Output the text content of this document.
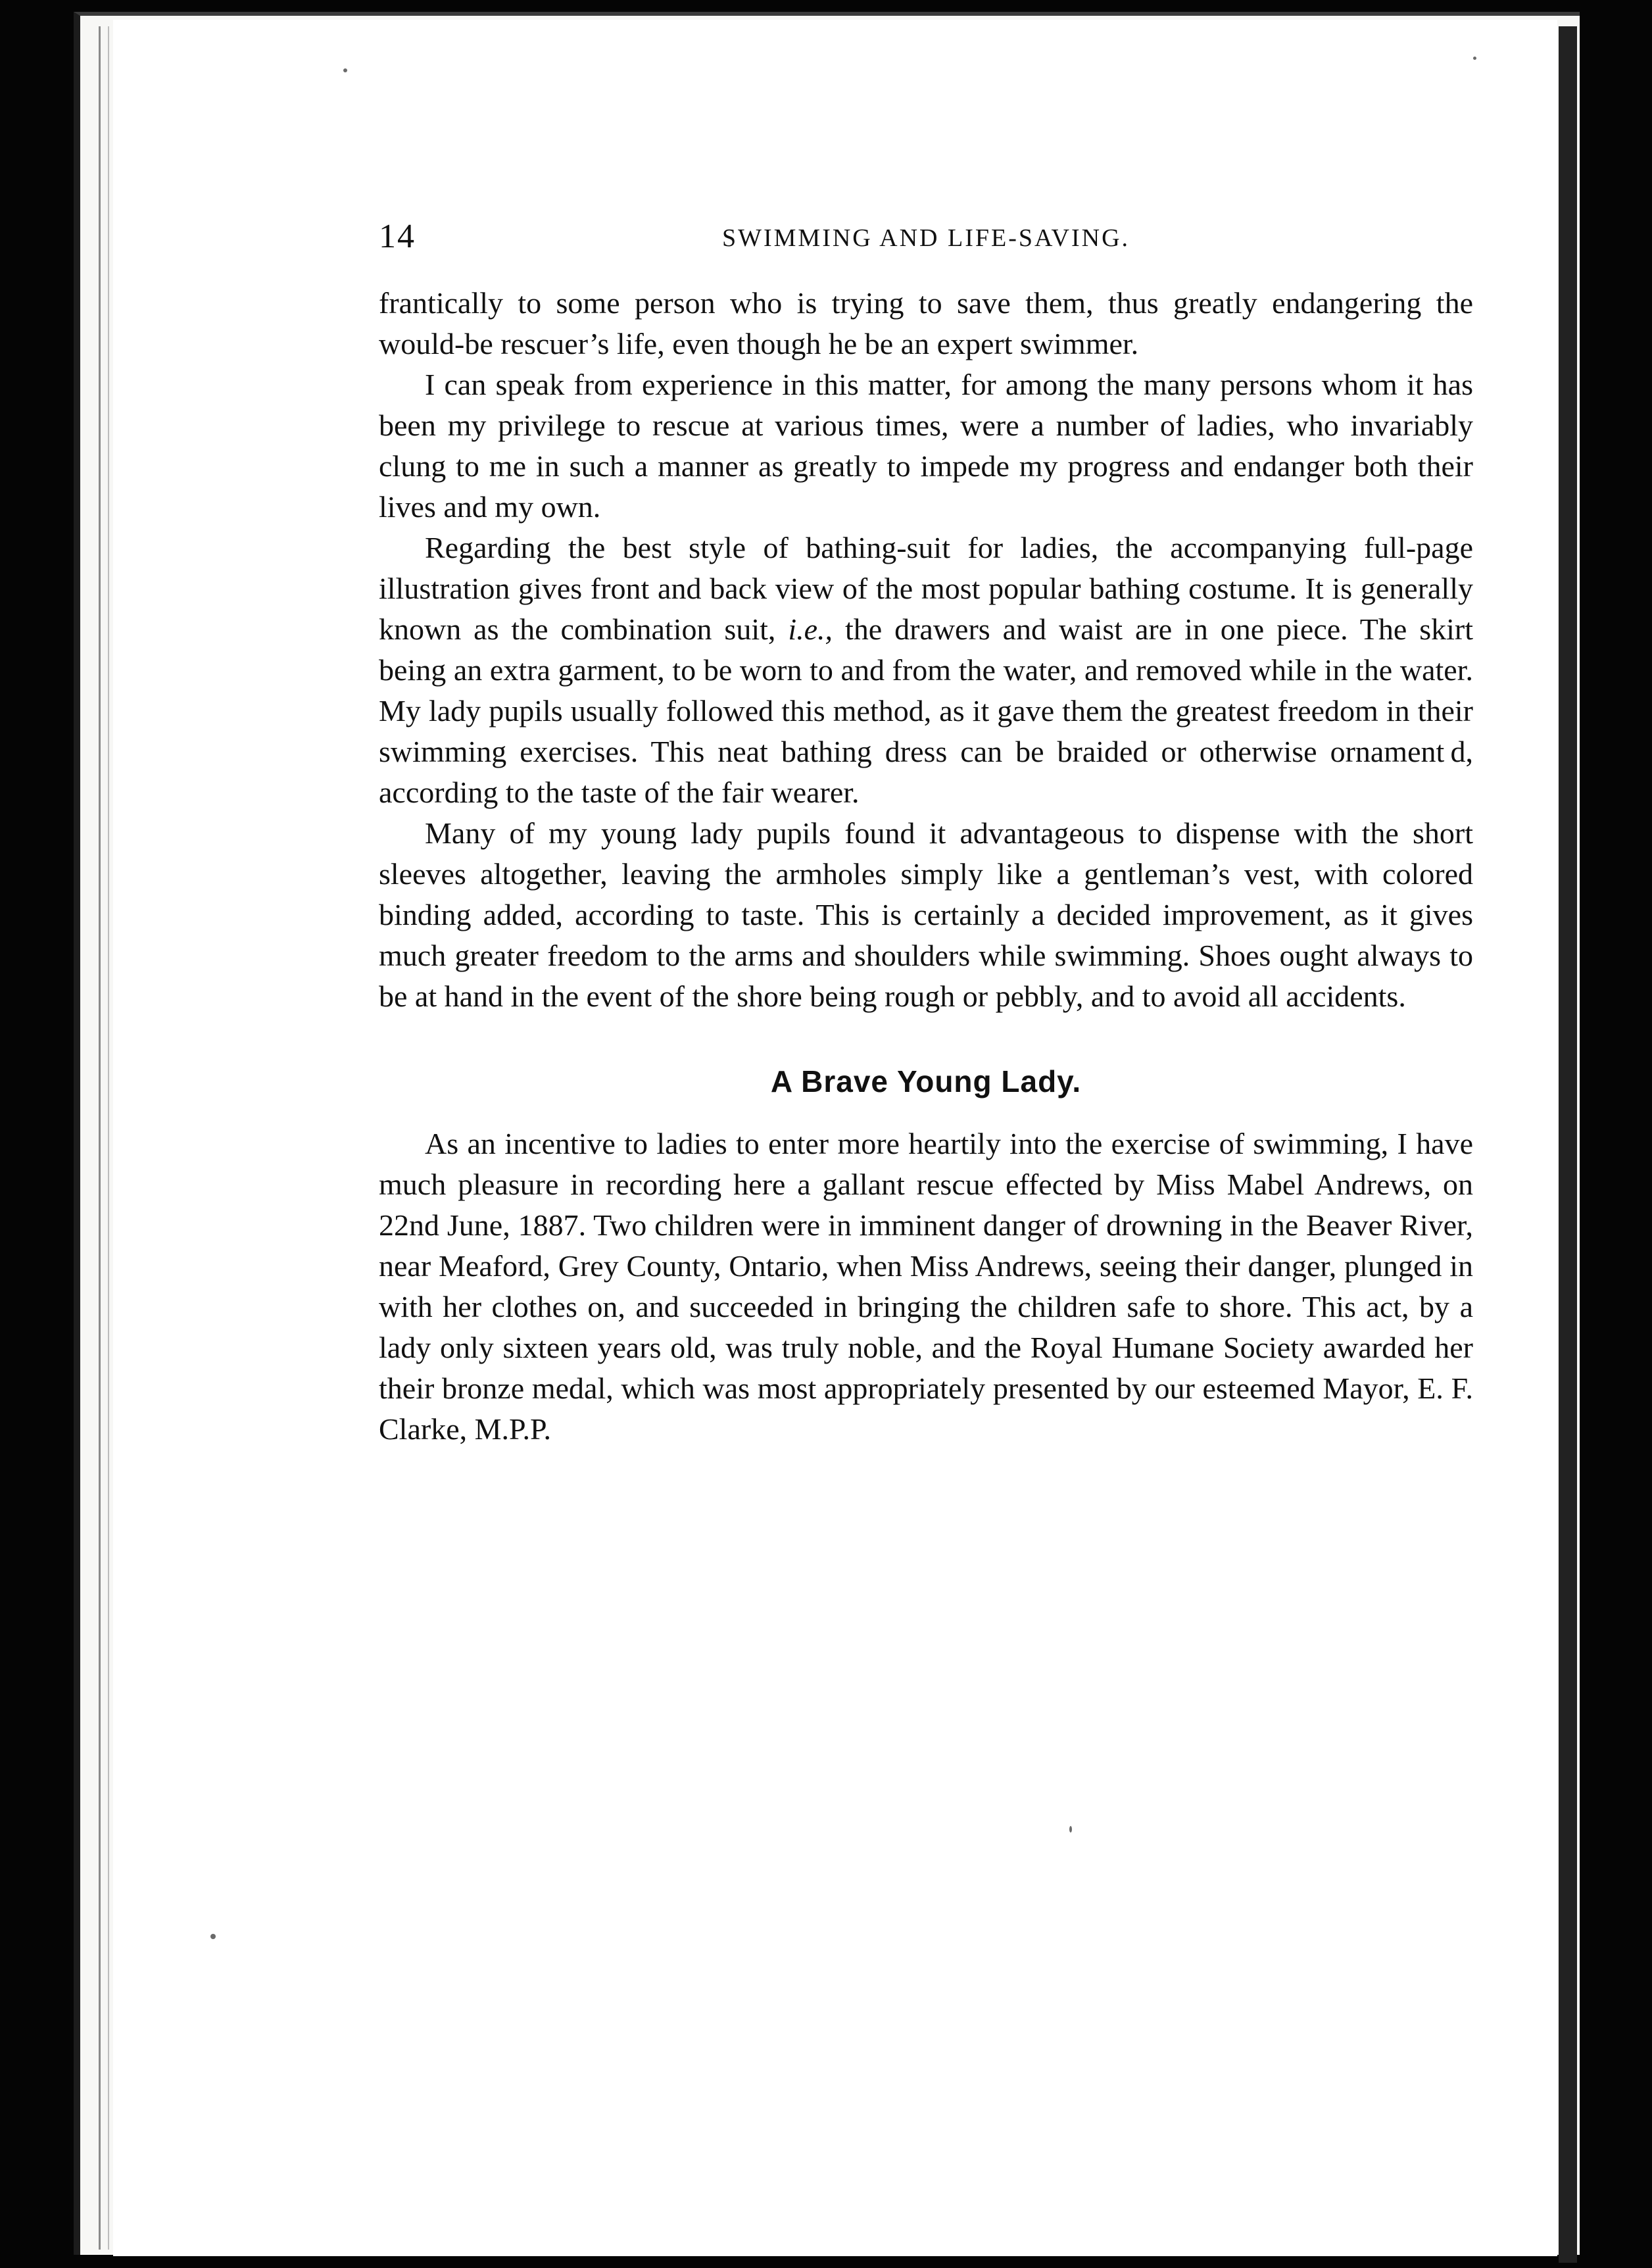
14	SWIMMING AND LIFE-SAVING.

frantically to some person who is trying to save them, thus greatly endangering the would-be rescuer’s life, even though he be an expert swimmer.

I can speak from experience in this matter, for among the many persons whom it has been my privilege to rescue at various times, were a number of ladies, who invariably clung to me in such a manner as greatly to impede my progress and endanger both their lives and my own.

Regarding the best style of bathing-suit for ladies, the accompanying full-page illustration gives front and back view of the most popular bathing costume. It is generally known as the combination suit, i.e., the drawers and waist are in one piece. The skirt being an extra garment, to be worn to and from the water, and removed while in the water. My lady pupils usually followed this method, as it gave them the greatest freedom in their swimming exercises. This neat bathing dress can be braided or otherwise ornament d, according to the taste of the fair wearer.

Many of my young lady pupils found it advantageous to dispense with the short sleeves altogether, leaving the armholes simply like a gentleman’s vest, with colored binding added, according to taste. This is certainly a decided improvement, as it gives much greater freedom to the arms and shoulders while swimming. Shoes ought always to be at hand in the event of the shore being rough or pebbly, and to avoid all accidents.

A Brave Young Lady.

As an incentive to ladies to enter more heartily into the exercise of swimming, I have much pleasure in recording here a gallant rescue effected by Miss Mabel Andrews, on 22nd June, 1887. Two children were in imminent danger of drowning in the Beaver River, near Meaford, Grey County, Ontario, when Miss Andrews, seeing their danger, plunged in with her clothes on, and succeeded in bringing the children safe to shore. This act, by a lady only sixteen years old, was truly noble, and the Royal Humane Society awarded her their bronze medal, which was most appropriately presented by our esteemed Mayor, E. F. Clarke, M.P.P.
